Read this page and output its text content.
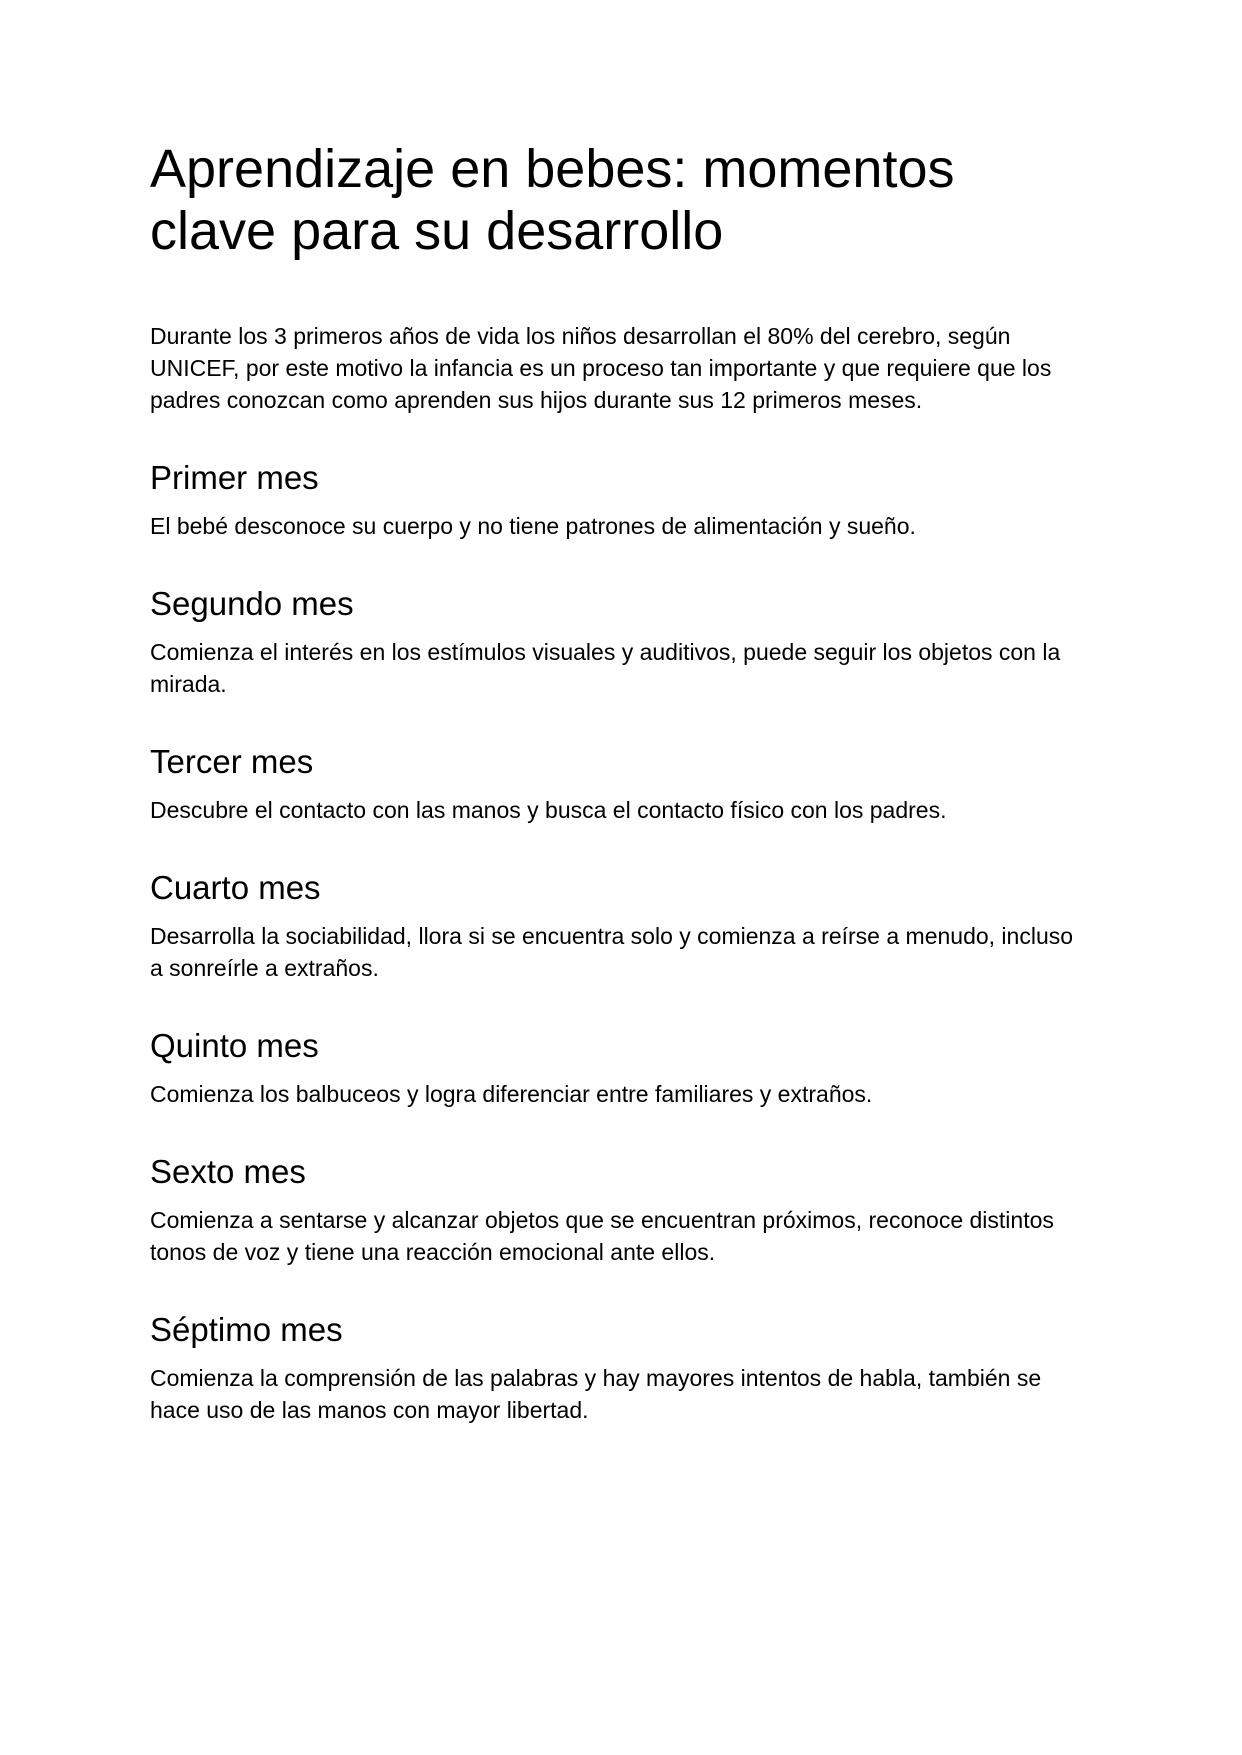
Aprendizaje en bebes: momentos clave para su desarrollo

Durante los 3 primeros años de vida los niños desarrollan el 80% del cerebro, según UNICEF, por este motivo la infancia es un proceso tan importante y que requiere que los padres conozcan como aprenden sus hijos durante sus 12 primeros meses.

Primer mes

El bebé desconoce su cuerpo y no tiene patrones de alimentación y sueño.

Segundo mes

Comienza el interés en los estímulos visuales y auditivos, puede seguir los objetos con la mirada.

Tercer mes

Descubre el contacto con las manos y busca el contacto físico con los padres.

Cuarto mes

Desarrolla la sociabilidad, llora si se encuentra solo y comienza a reírse a menudo, incluso a sonreírle a extraños.

Quinto mes

Comienza los balbuceos y logra diferenciar entre familiares y extraños.

Sexto mes

Comienza a sentarse y alcanzar objetos que se encuentran próximos, reconoce distintos tonos de voz y tiene una reacción emocional ante ellos.

Séptimo mes

Comienza la comprensión de las palabras y hay mayores intentos de habla, también se hace uso de las manos con mayor libertad.
